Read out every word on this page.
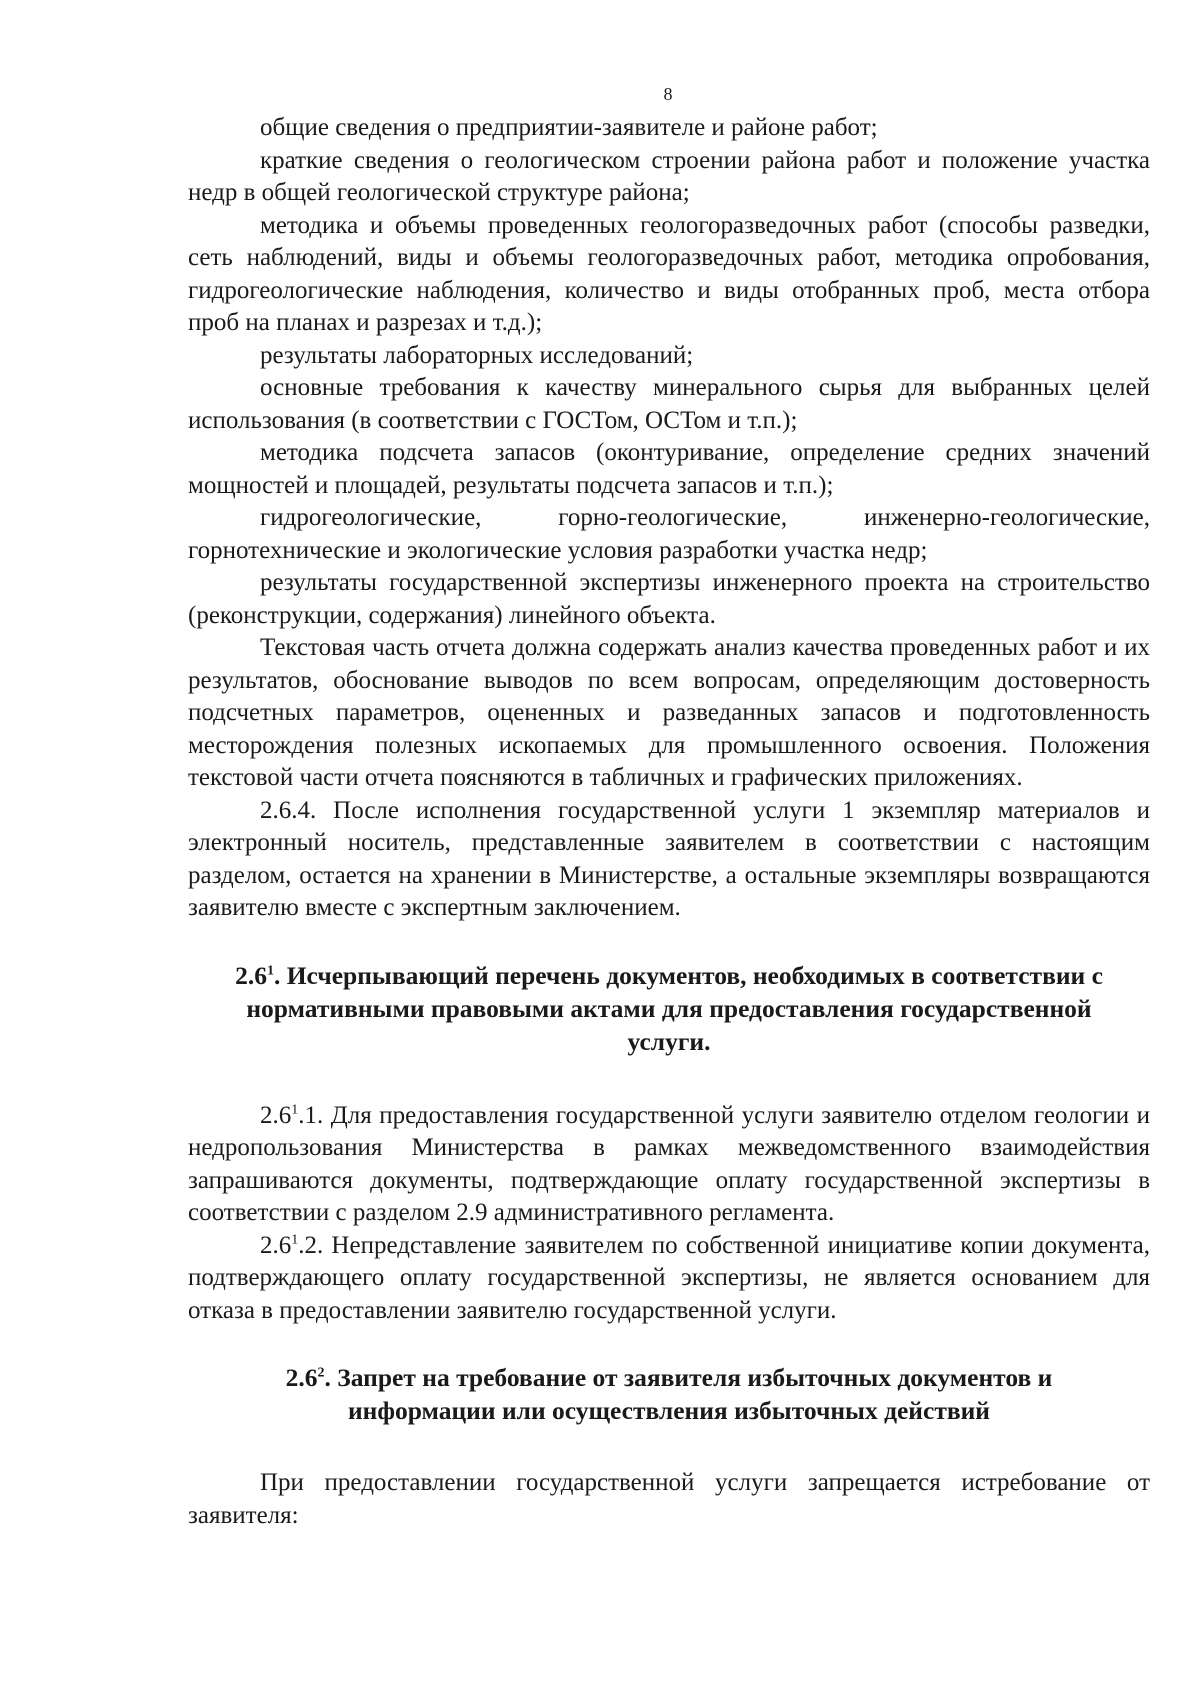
8

общие сведения о предприятии-заявителе и районе работ;

краткие сведения о геологическом строении района работ и положение участка недр в общей геологической структуре района;

методика и объемы проведенных геологоразведочных работ (способы разведки, сеть наблюдений, виды и объемы геологоразведочных работ, методика опробования, гидрогеологические наблюдения, количество и виды отобранных проб, места отбора проб на планах и разрезах и т.д.);

результаты лабораторных исследований;

основные требования к качеству минерального сырья для выбранных целей использования (в соответствии с ГОСТом, ОСТом и т.п.);

методика подсчета запасов (оконтуривание, определение средних значений мощностей и площадей, результаты подсчета запасов и т.п.);

гидрогеологические, горно-геологические, инженерно-геологические, горнотехнические и экологические условия разработки участка недр;

результаты государственной экспертизы инженерного проекта на строительство (реконструкции, содержания) линейного объекта.

Текстовая часть отчета должна содержать анализ качества проведенных работ и их результатов, обоснование выводов по всем вопросам, определяющим достоверность подсчетных параметров, оцененных и разведанных запасов и подготовленность месторождения полезных ископаемых для промышленного освоения. Положения текстовой части отчета поясняются в табличных и графических приложениях.

2.6.4. После исполнения государственной услуги 1 экземпляр материалов и электронный носитель, представленные заявителем в соответствии с настоящим разделом, остается на хранении в Министерстве, а остальные экземпляры возвращаются заявителю вместе с экспертным заключением.

$2.6^1$. Исчерпывающий перечень документов, необходимых в соответствии с нормативными правовыми актами для предоставления государственной услуги.

$2.6^1.1$. Для предоставления государственной услуги заявителю отделом геологии и недропользования Министерства в рамках межведомственного взаимодействия запрашиваются документы, подтверждающие оплату государственной экспертизы в соответствии с разделом 2.9 административного регламента.

$2.6^1.2$. Непредставление заявителем по собственной инициативе копии документа, подтверждающего оплату государственной экспертизы, не является основанием для отказа в предоставлении заявителю государственной услуги.

$2.6^2$. Запрет на требование от заявителя избыточных документов и информации или осуществления избыточных действий

При предоставлении государственной услуги запрещается истребование от заявителя:
